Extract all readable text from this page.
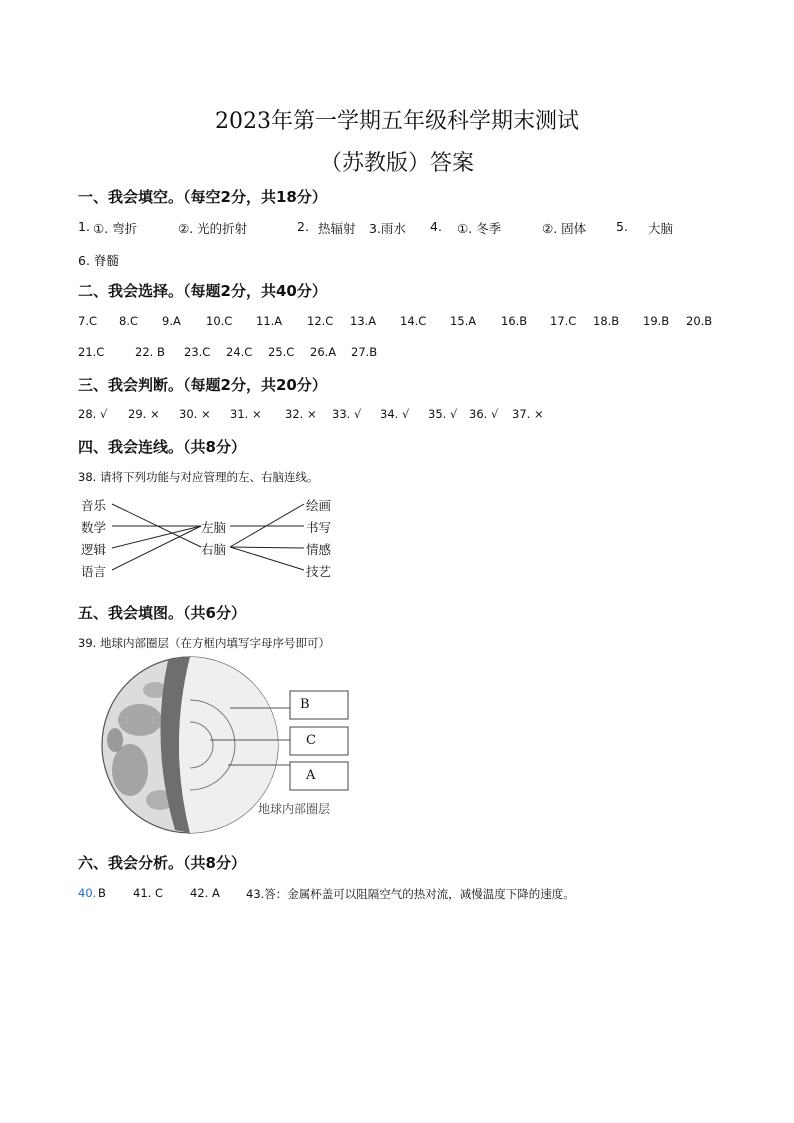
2023年第一学期五年级科学期末测试
（苏教版）答案
一、我会填空。（每空2分，共18分）
1. ①. 弯折	②. 光的折射	2. 热辐射 3.雨水 4. ①. 冬季	②. 固体 5. 大脑
6. 脊髓
二、我会选择。（每题2分，共40分）
7.C 8.C 9.A 10.C 11.A 12.C 13.A 14.C 15.A 16.B 17.C 18.B 19.B 20.B
21.C	22. B 23.C 24.C 25.C 26.A 27.B
三、我会判断。（每题2分，共20分）
28. √ 29. × 30. × 31. × 32. × 33. √ 34. √ 35. √ 36. √ 37. ×
四、我会连线。（共8分）
38. 请将下列功能与对应管理的左、右脑连线。
音乐
数学
逻辑
语言
左脑
右脑
绘画
书写
情感
技艺
五、我会填图。（共6分）
39. 地球内部圈层（在方框内填写字母序号即可）
B
C
A
地球内部圈层
六、我会分析。（共8分）
40. B 41. C 42. A 43.答：金属杯盖可以阻隔空气的热对流，减慢温度下降的速度。
